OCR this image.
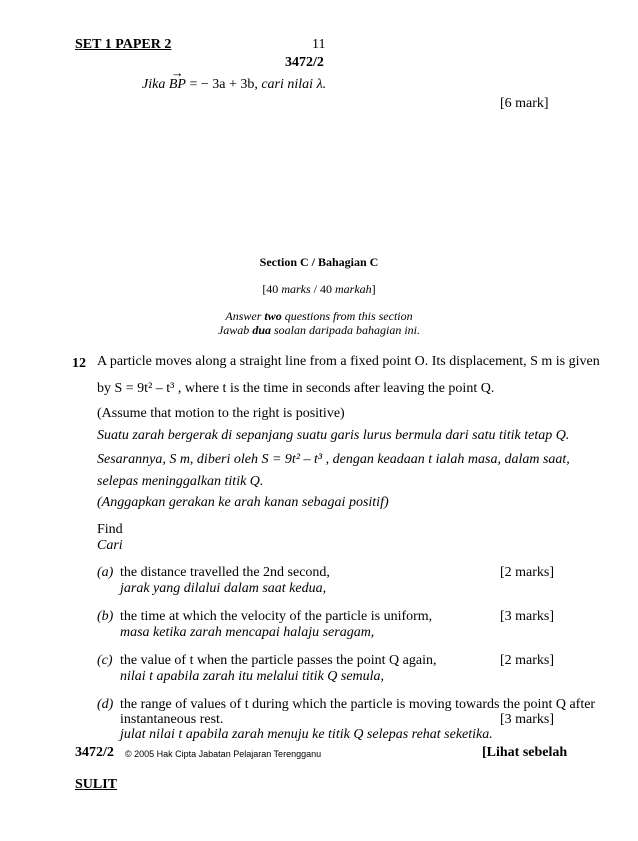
SET 1 PAPER 2	11
3472/2
Jika
→
BP = − 3a + 3b, cari nilai λ.
[6 mark]
Section C / Bahagian C
[40 marks / 40 markah]
Answer two questions from this section
Jawab dua soalan daripada bahagian ini.
12 A particle moves along a straight line from a fixed point O. Its displacement, S m is given
by S = 9t² – t³ , where t is the time in seconds after leaving the point Q.
(Assume that motion to the right is positive)
Suatu zarah bergerak di sepanjang suatu garis lurus bermula dari satu titik tetap Q.
Sesarannya, S m, diberi oleh S = 9t² – t³ , dengan keadaan t ialah masa, dalam saat,
selepas meninggalkan titik Q.
(Anggapkan gerakan ke arah kanan sebagai positif)
Find
Cari
(a) the distance travelled the 2nd second,
jarak yang dilalui dalam saat kedua,
[2 marks]
(b) the time at which the velocity of the particle is uniform,
masa ketika zarah mencapai halaju seragam,
[3 marks]
(c) the value of t when the particle passes the point Q again,
nilai t apabila zarah itu melalui titik Q semula,
[2 marks]
(d) the range of values of t during which the particle is moving towards the point Q after
instantaneous rest.	[3 marks]
julat nilai t apabila zarah menuju ke titik Q selepas rehat seketika.
3472/2 © 2005 Hak Cipta Jabatan Pelajaran Terengganu	[Lihat sebelah
SULIT
